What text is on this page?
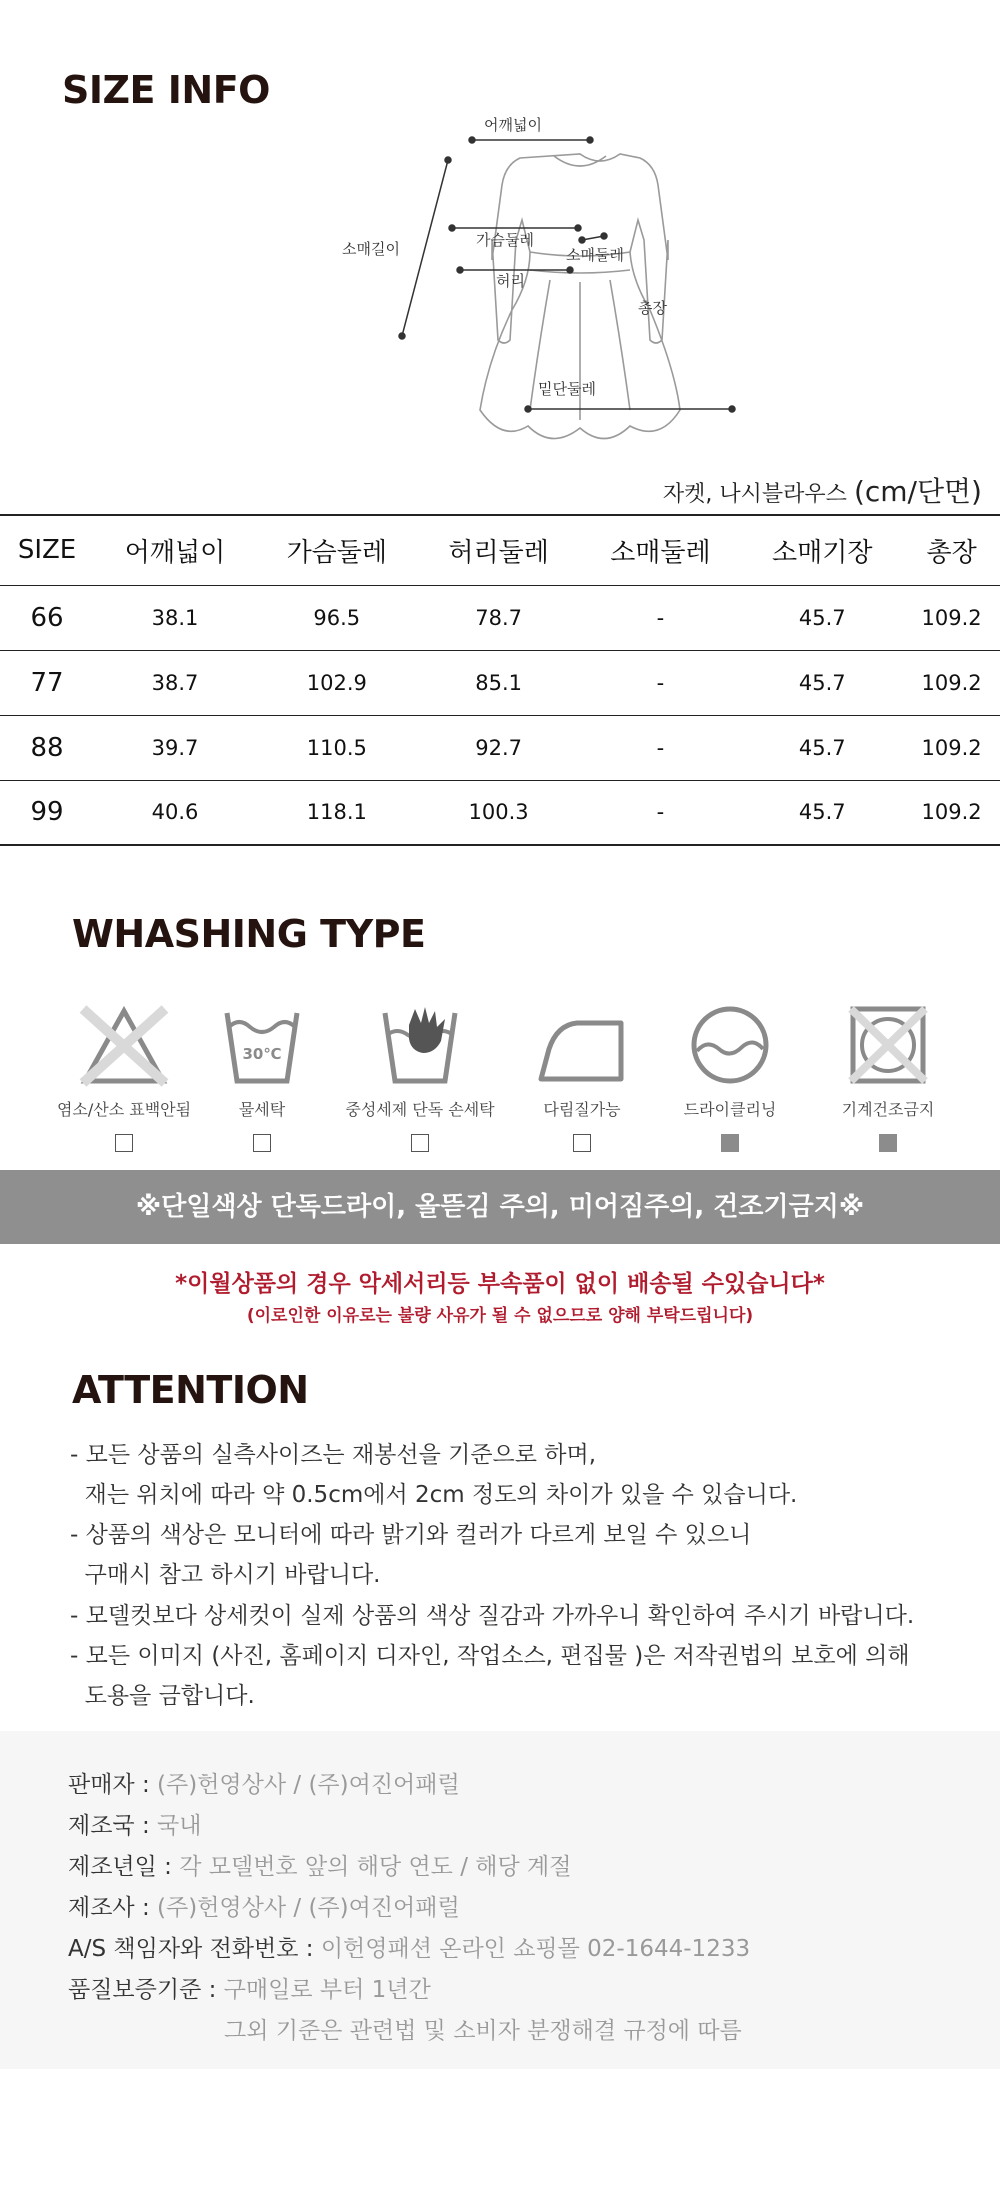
SIZE INFO
어깨넓이
소매길이	가슴둘레
소매둘레
허리
총장
밑단둘레
자켓, 나시블라우스 (cm/단면)
SIZE	어깨넓이	가슴둘레	허리둘레	소매둘레	소매기장	총장
66	38.1	96.5	78.7	-	45.7	109.2
77	38.7	102.9	85.1	-	45.7	109.2
88	39.7	110.5	92.7	-	45.7	109.2
99	40.6	118.1	100.3	-	45.7	109.2
WHASHING TYPE
염소/산소 표백안됨
30℃
물세탁	중성세제 단독 손세탁	다림질가능	드라이클리닝	기계건조금지
※단일색상 단독드라이, 올뜯김 주의, 미어짐주의, 건조기금지※
*이월상품의 경우 악세서리등 부속품이 없이 배송될 수있습니다*
(이로인한 이유로는 불량 사유가 될 수 없으므로 양해 부탁드립니다)
ATTENTION
- 모든 상품의 실측사이즈는 재봉선을 기준으로 하며,
재는 위치에 따라 약 0.5cm에서 2cm 정도의 차이가 있을 수 있습니다.
- 상품의 색상은 모니터에 따라 밝기와 컬러가 다르게 보일 수 있으니
구매시 참고 하시기 바랍니다.
- 모델컷보다 상세컷이 실제 상품의 색상 질감과 가까우니 확인하여 주시기 바랍니다.
- 모든 이미지 (사진, 홈페이지 디자인, 작업소스, 편집물 )은 저작권법의 보호에 의해
도용을 금합니다.
판매자 : (주)헌영상사 / (주)여진어패럴
제조국 : 국내
제조년일 : 각 모델번호 앞의 해당 연도 / 해당 계절
제조사 : (주)헌영상사 / (주)여진어패럴
A/S 책임자와 전화번호 : 이헌영패션 온라인 쇼핑몰 02-1644-1233
품질보증기준 : 구매일로 부터 1년간
그외 기준은 관련법 및 소비자 분쟁해결 규정에 따름
